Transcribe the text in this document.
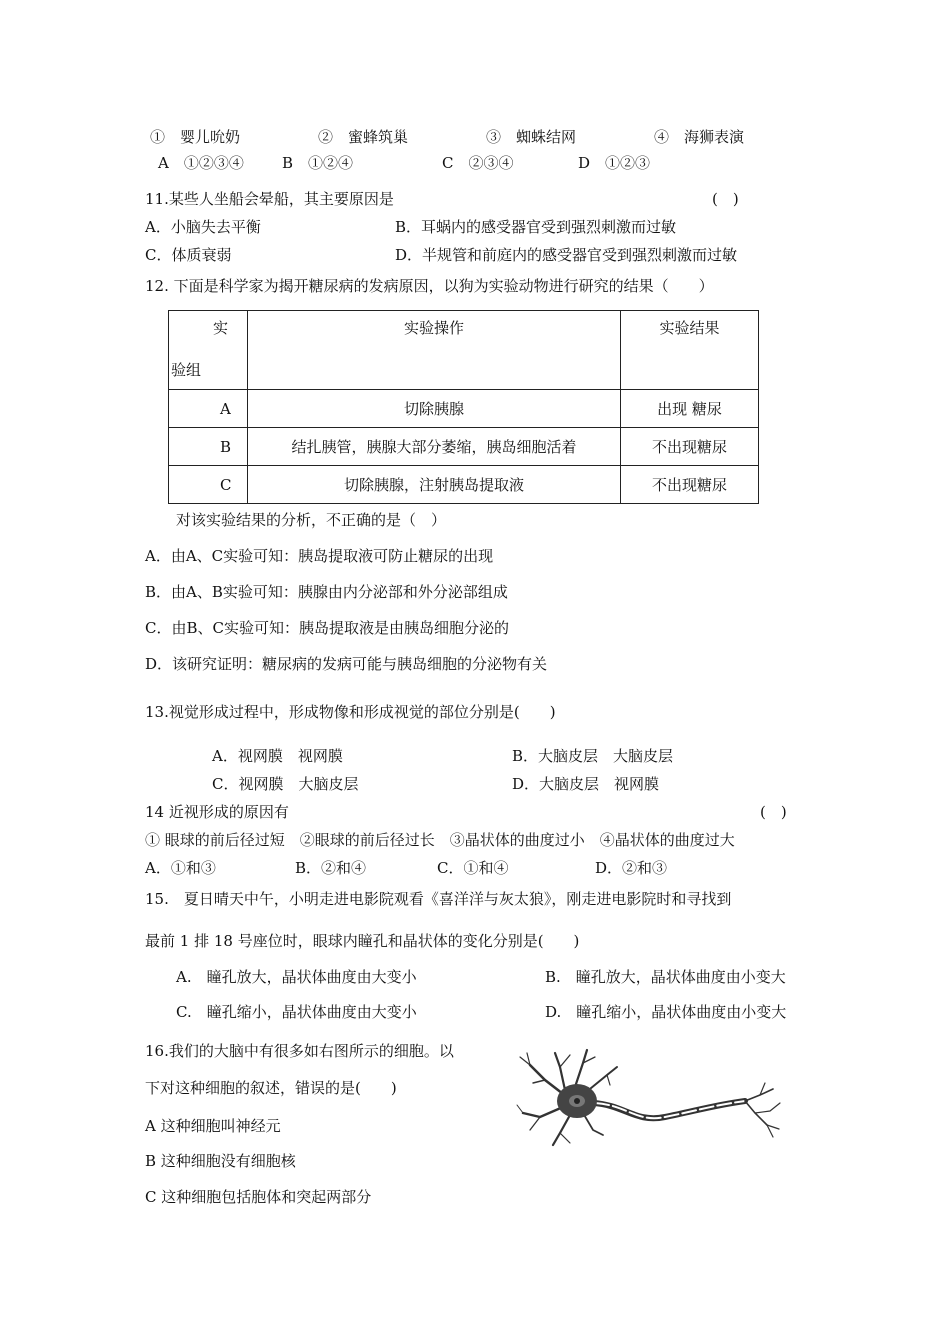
①　婴儿吮奶	②　蜜蜂筑巢	③　蜘蛛结网	④　海狮表演
A　①②③④	B　①②④	C　②③④	D　①②③
11.某些人坐船会晕船，其主要原因是	(　)
A．小脑失去平衡	B．耳蜗内的感受器官受到强烈刺激而过敏
C．体质衰弱	D．半规管和前庭内的感受器官受到强烈刺激而过敏
12. 下面是科学家为揭开糖尿病的发病原因，以狗为实验动物进行研究的结果（　　）
实
验组	实验操作	实验结果
A	切除胰腺	出现 糖尿
B	结扎胰管，胰腺大部分萎缩，胰岛细胞活着	不出现糖尿
C	切除胰腺，注射胰岛提取液	不出现糖尿
对该实验结果的分析，不正确的是（　）
A．由A、C实验可知：胰岛提取液可防止糖尿的出现
B．由A、B实验可知：胰腺由内分泌部和外分泌部组成
C．由B、C实验可知：胰岛提取液是由胰岛细胞分泌的
D．该研究证明：糖尿病的发病可能与胰岛细胞的分泌物有关
13.视觉形成过程中，形成物像和形成视觉的部位分别是(　　)
A．视网膜　视网膜	B．大脑皮层　大脑皮层
C．视网膜　大脑皮层	D．大脑皮层　视网膜
14 近视形成的原因有	(　)
① 眼球的前后径过短　②眼球的前后径过长　③晶状体的曲度过小　④晶状体的曲度过大
A．①和③	B．②和④	C．①和④	D．②和③
15.　夏日晴天中午，小明走进电影院观看《喜洋洋与灰太狼》，刚走进电影院时和寻找到
最前 1 排 18 号座位时，眼球内瞳孔和晶状体的变化分别是(　　)
A.　瞳孔放大，晶状体曲度由大变小	B.　瞳孔放大，晶状体曲度由小变大
C.　瞳孔缩小，晶状体曲度由大变小	D.　瞳孔缩小，晶状体曲度由小变大
16.我们的大脑中有很多如右图所示的细胞。以
下对这种细胞的叙述，错误的是(　　)
A 这种细胞叫神经元
B 这种细胞没有细胞核
C 这种细胞包括胞体和突起两部分
